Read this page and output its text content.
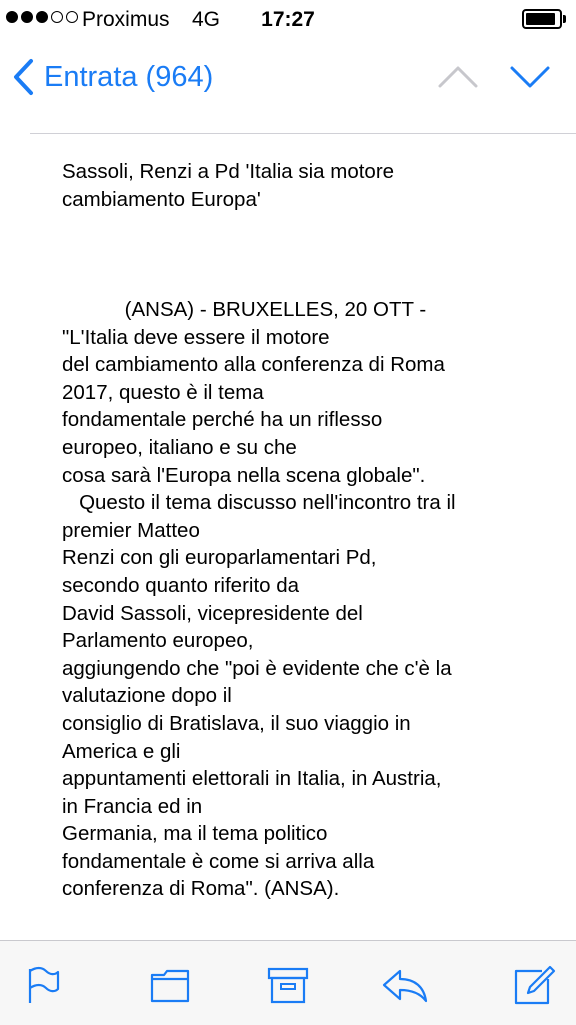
Proximus 4G	17:27
Entrata (964)
Sassoli, Renzi a Pd 'Italia sia motore
cambiamento Europa'
(ANSA) - BRUXELLES, 20 OTT -
"L'Italia deve essere il motore
del cambiamento alla conferenza di Roma
2017, questo è il tema
fondamentale perché ha un riflesso
europeo, italiano e su che
cosa sarà l'Europa nella scena globale".
Questo il tema discusso nell'incontro tra il
premier Matteo
Renzi con gli europarlamentari Pd,
secondo quanto riferito da
David Sassoli, vicepresidente del
Parlamento europeo,
aggiungendo che "poi è evidente che c'è la
valutazione dopo il
consiglio di Bratislava, il suo viaggio in
America e gli
appuntamenti elettorali in Italia, in Austria,
in Francia ed in
Germania, ma il tema politico
fondamentale è come si arriva alla
conferenza di Roma". (ANSA).
